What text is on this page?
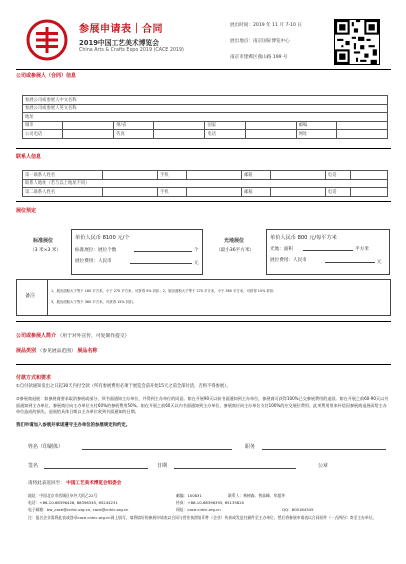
参展申请表｜合同
2019中国工艺美术博览会
China Arts & Crafts Expo 2019 (CACE 2019)
展出时间：2019 年 11 月 7-10 日
展出地点：南京国际博览中心
南京市建邺区燕山路 199 号
公司或参展人（合同）信息
参展公司或参展人中文名称							
参展公司或参展人英文名称							
地址							
城市		州/省		国家		邮编	
公司电话		传真		电话		网址	
联系人信息
第一联系人姓名		手机		邮箱		电话	
联系人地址（若与以上地址不同）							
第二联系人姓名		手机		邮箱		电话	
展位预定
标准展位
（3 米×3 米）
单价人民币 8100 元/个
标准展位：展位个数	个
展位费用：人民币	元
光地展位
（最小36平方米）
单价人民币 800 元/每平方米
光地：面积	平方米
展位费用：人民币	元
备注
1、展出面积大于等于 180 平方米，小于 270 平方米，可获得 5% 折扣；2、展出面积大于等于 270 平方米，小于 360 平方米，可获得 10% 折扣；
3、展出面积大于等于 360 平方米，可获得 15% 折扣。
公司或参展人简介 （用于对外宣传，可复制作提交）
展品类别 （参见展品范围） 展品名称
付款方式和要求
①自付款通知发出之日起30天内付全款（所有参展费用必须于展览会前开始15天之前全部付清，否则不得参展）。
②参展商退展：如参展商要求取消参展或部分，须书面通知主办单位，并得到主办单位的同意。如在开展90天以前书面通知到主办单位，参展商可获得100%已交参展费用的退款。如在开展之前60-90天以书面通知到主办单位，参展商应向主办单位支付60%的参展费用50%。如在开展之前60天以内书面通知到主办单位，参展商应向主办单位支付100%的应交展位费用。此项费用用来补偿因参展商退展而给主办单位造成的损失。退展的具体日期以主办单位收到书面通知的日期。
我们申请加入参展并承诺遵守主办单位的参展规定和约定。
姓名（印刷体）	职务
签名	日期	公章
请将此表返回至： 中国工艺美术博览会组委会
地址：中国北京市西城区阜外大街乙22号	邮编：100831	联系人：林树森、曾高峰、牟超华
电话：+86-10-68396428, 68396345, 65244231	传真：+86-10-68396355, 65135820
电子邮箱：bw_cace@cnhic.org.cn, cace@cnhic.org.cn	网址：cace.cnhic.org.cn	QQ：800184345
注：报名企业需将此表或登录cace.cnhic.org.cn网上填写。请将填好的参展申请表以合同与营业执照复印件（企业）传真或发送扫描件至主办单位，然后将参展申请表以合同原件（一式两份）寄至主办单位。
